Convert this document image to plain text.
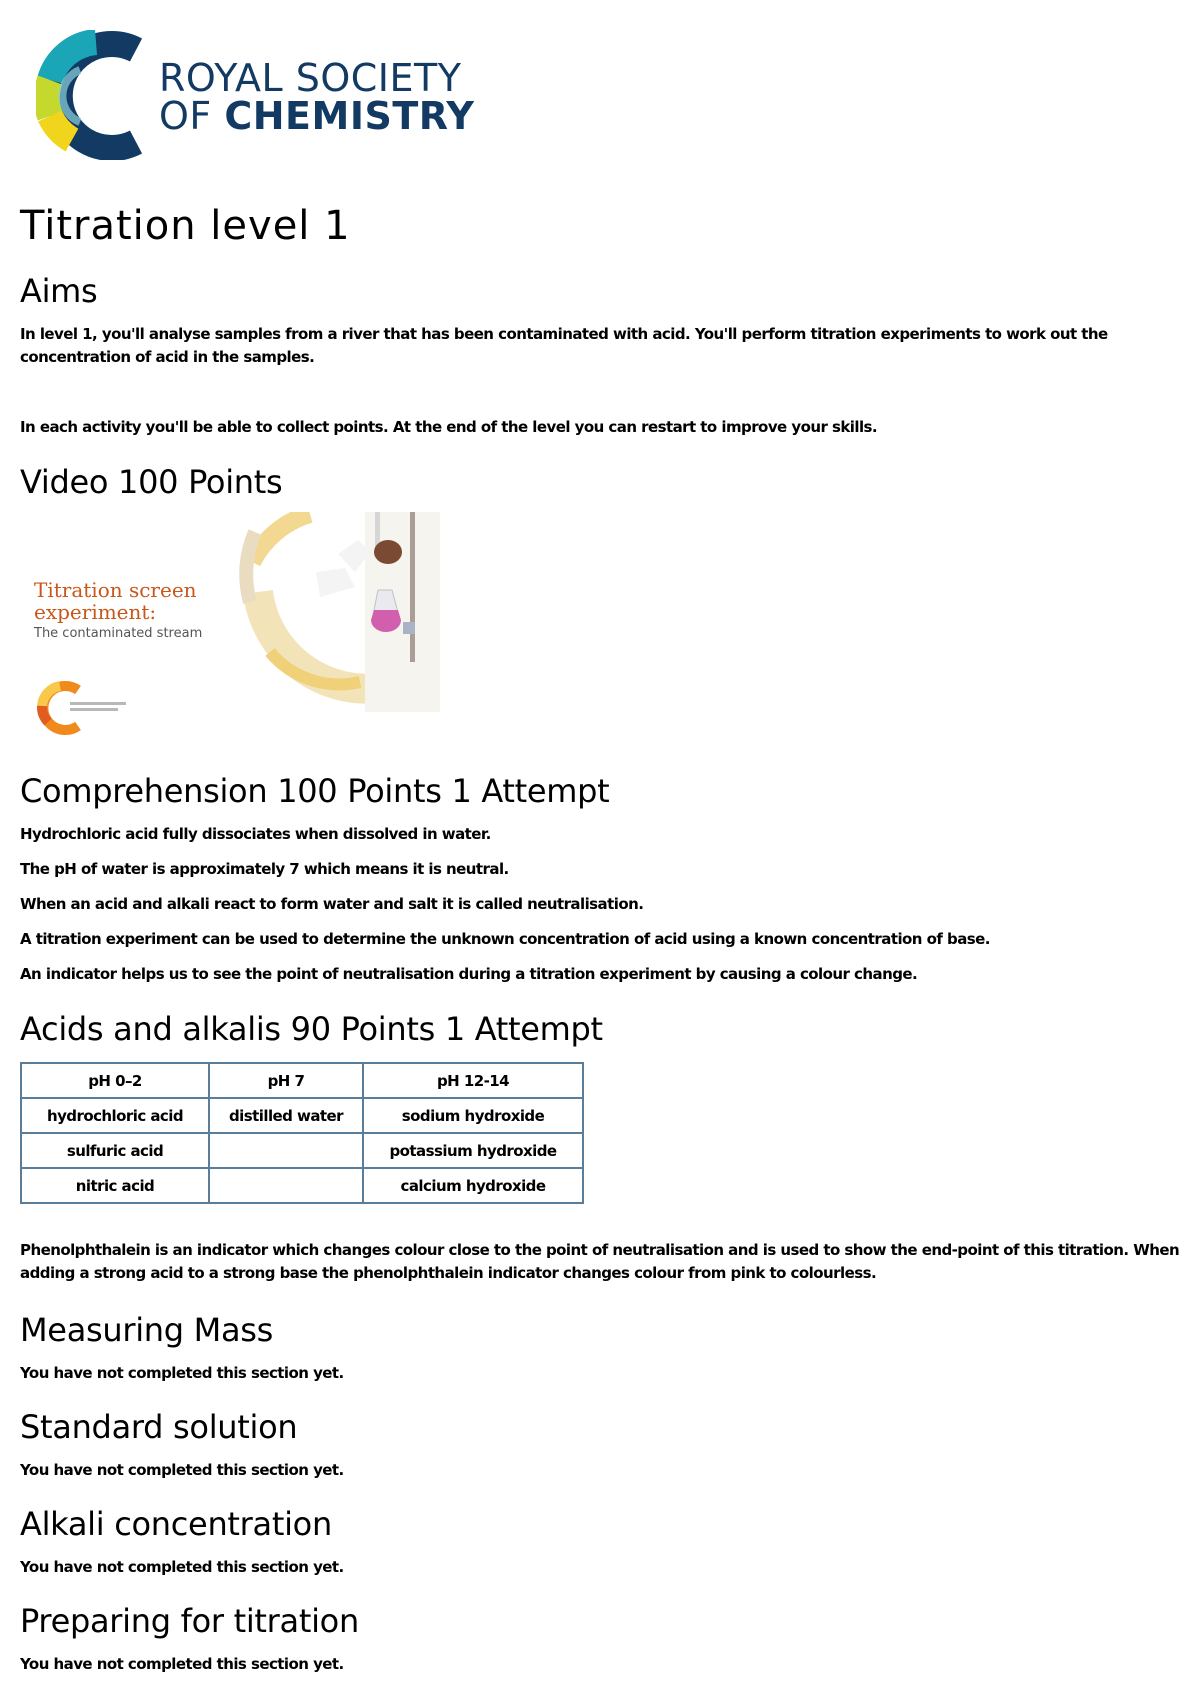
ROYAL SOCIETY
OF CHEMISTRY
Titration level 1
Aims
In level 1, you'll analyse samples from a river that has been contaminated with acid. You'll perform titration experiments to work out the concentration of acid in the samples.
In each activity you'll be able to collect points. At the end of the level you can restart to improve your skills.
Video 100 Points
Titration screen
experiment:
The contaminated stream
Comprehension 100 Points 1 Attempt
Hydrochloric acid fully dissociates when dissolved in water.
The pH of water is approximately 7 which means it is neutral.
When an acid and alkali react to form water and salt it is called neutralisation.
A titration experiment can be used to determine the unknown concentration of acid using a known concentration of base.
An indicator helps us to see the point of neutralisation during a titration experiment by causing a colour change.
Acids and alkalis 90 Points 1 Attempt
pH 0–2	pH 7	pH 12-14
hydrochloric acid	distilled water	sodium hydroxide
sulfuric acid		potassium hydroxide
nitric acid		calcium hydroxide
Phenolphthalein is an indicator which changes colour close to the point of neutralisation and is used to show the end-point of this titration. When adding a strong acid to a strong base the phenolphthalein indicator changes colour from pink to colourless.
Measuring Mass
You have not completed this section yet.
Standard solution
You have not completed this section yet.
Alkali concentration
You have not completed this section yet.
Preparing for titration
You have not completed this section yet.
